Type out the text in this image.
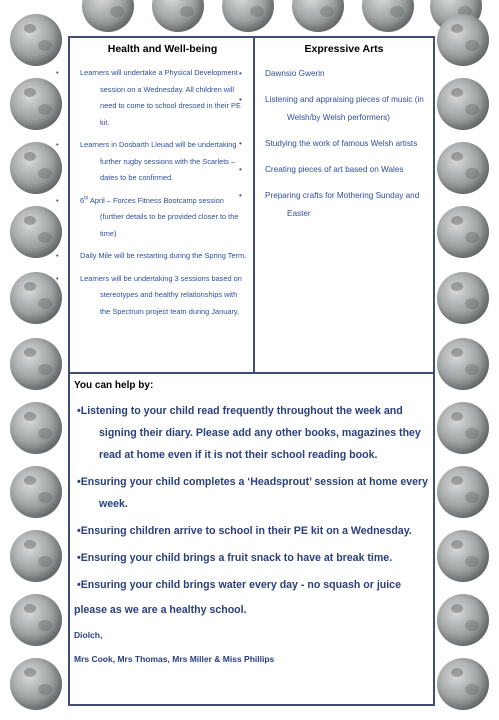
Health and Well-being

•	Learners will undertake a Physical Development session on a Wednesday. All children will need to come to school dressed in their PE kit.
•	Learners in Dosbarth Lleuad will be undertaking further rugby sessions with the Scarlets – dates to be confirmed.
•	6th April – Forces Fitness Bootcamp session (further details to be provided closer to the time)
•	Daily Mile will be restarting during the Spring Term.
•	Learners will be undertaking 3 sessions based on stereotypes and healthy relationships with the Spectrum project team during January.

Expressive Arts

Dawnsio Gwerin
Listening and appraising pieces of music (in Welsh/by Welsh performers)
Studying the work of famous Welsh artists
Creating pieces of art based on Wales
Preparing crafts for Mothering Sunday and Easter

You can help by:

•Listening to your child read frequently throughout the week and signing their diary. Please add any other books, magazines they read at home even if it is not their school reading book.
•Ensuring your child completes a ‘Headsprout’ session at home every week.
•Ensuring children arrive to school in their PE kit on a Wednesday.
•Ensuring your child brings a fruit snack to have at break time.
•Ensuring your child brings water every day - no squash or juice

please as we are a healthy school.

Diolch,

Mrs Cook, Mrs Thomas, Mrs Miller & Miss Phillips
